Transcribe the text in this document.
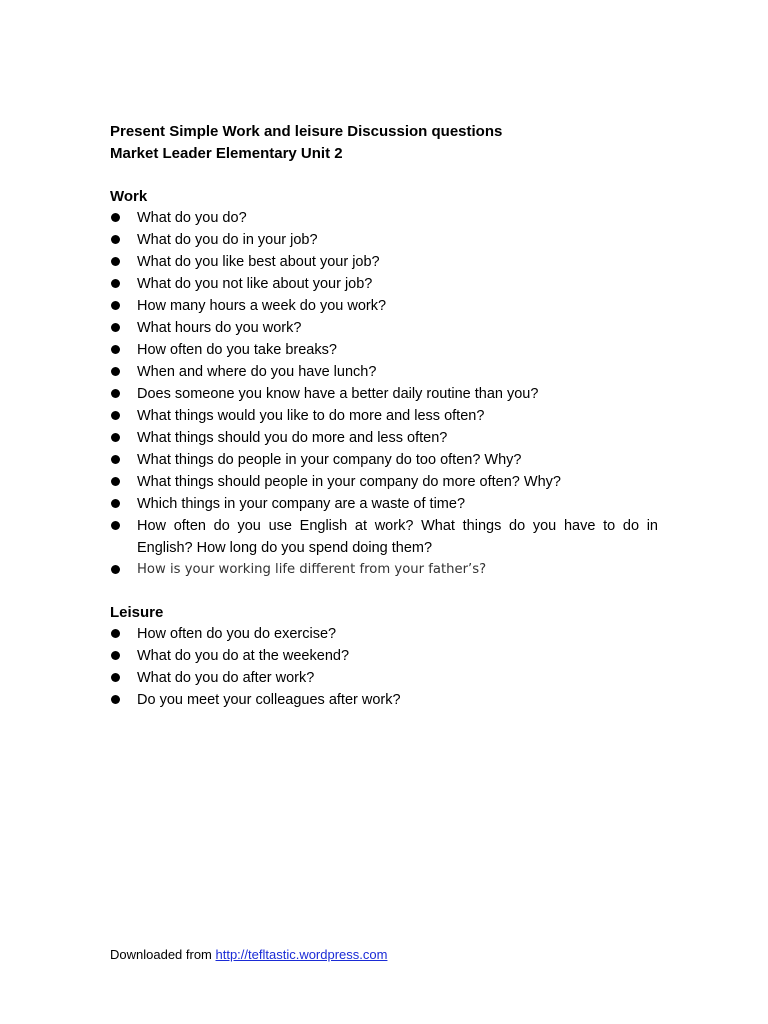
Present Simple Work and leisure Discussion questions
Market Leader Elementary Unit 2
Work
What do you do?
What do you do in your job?
What do you like best about your job?
What do you not like about your job?
How many hours a week do you work?
What hours do you work?
How often do you take breaks?
When and where do you have lunch?
Does someone you know have a better daily routine than you?
What things would you like to do more and less often?
What things should you do more and less often?
What things do people in your company do too often? Why?
What things should people in your company do more often? Why?
Which things in your company are a waste of time?
How often do you use English at work? What things do you have to do in English? How long do you spend doing them?
How is your working life different from your father’s?
Leisure
How often do you do exercise?
What do you do at the weekend?
What do you do after work?
Do you meet your colleagues after work?
Downloaded from http://tefltastic.wordpress.com
